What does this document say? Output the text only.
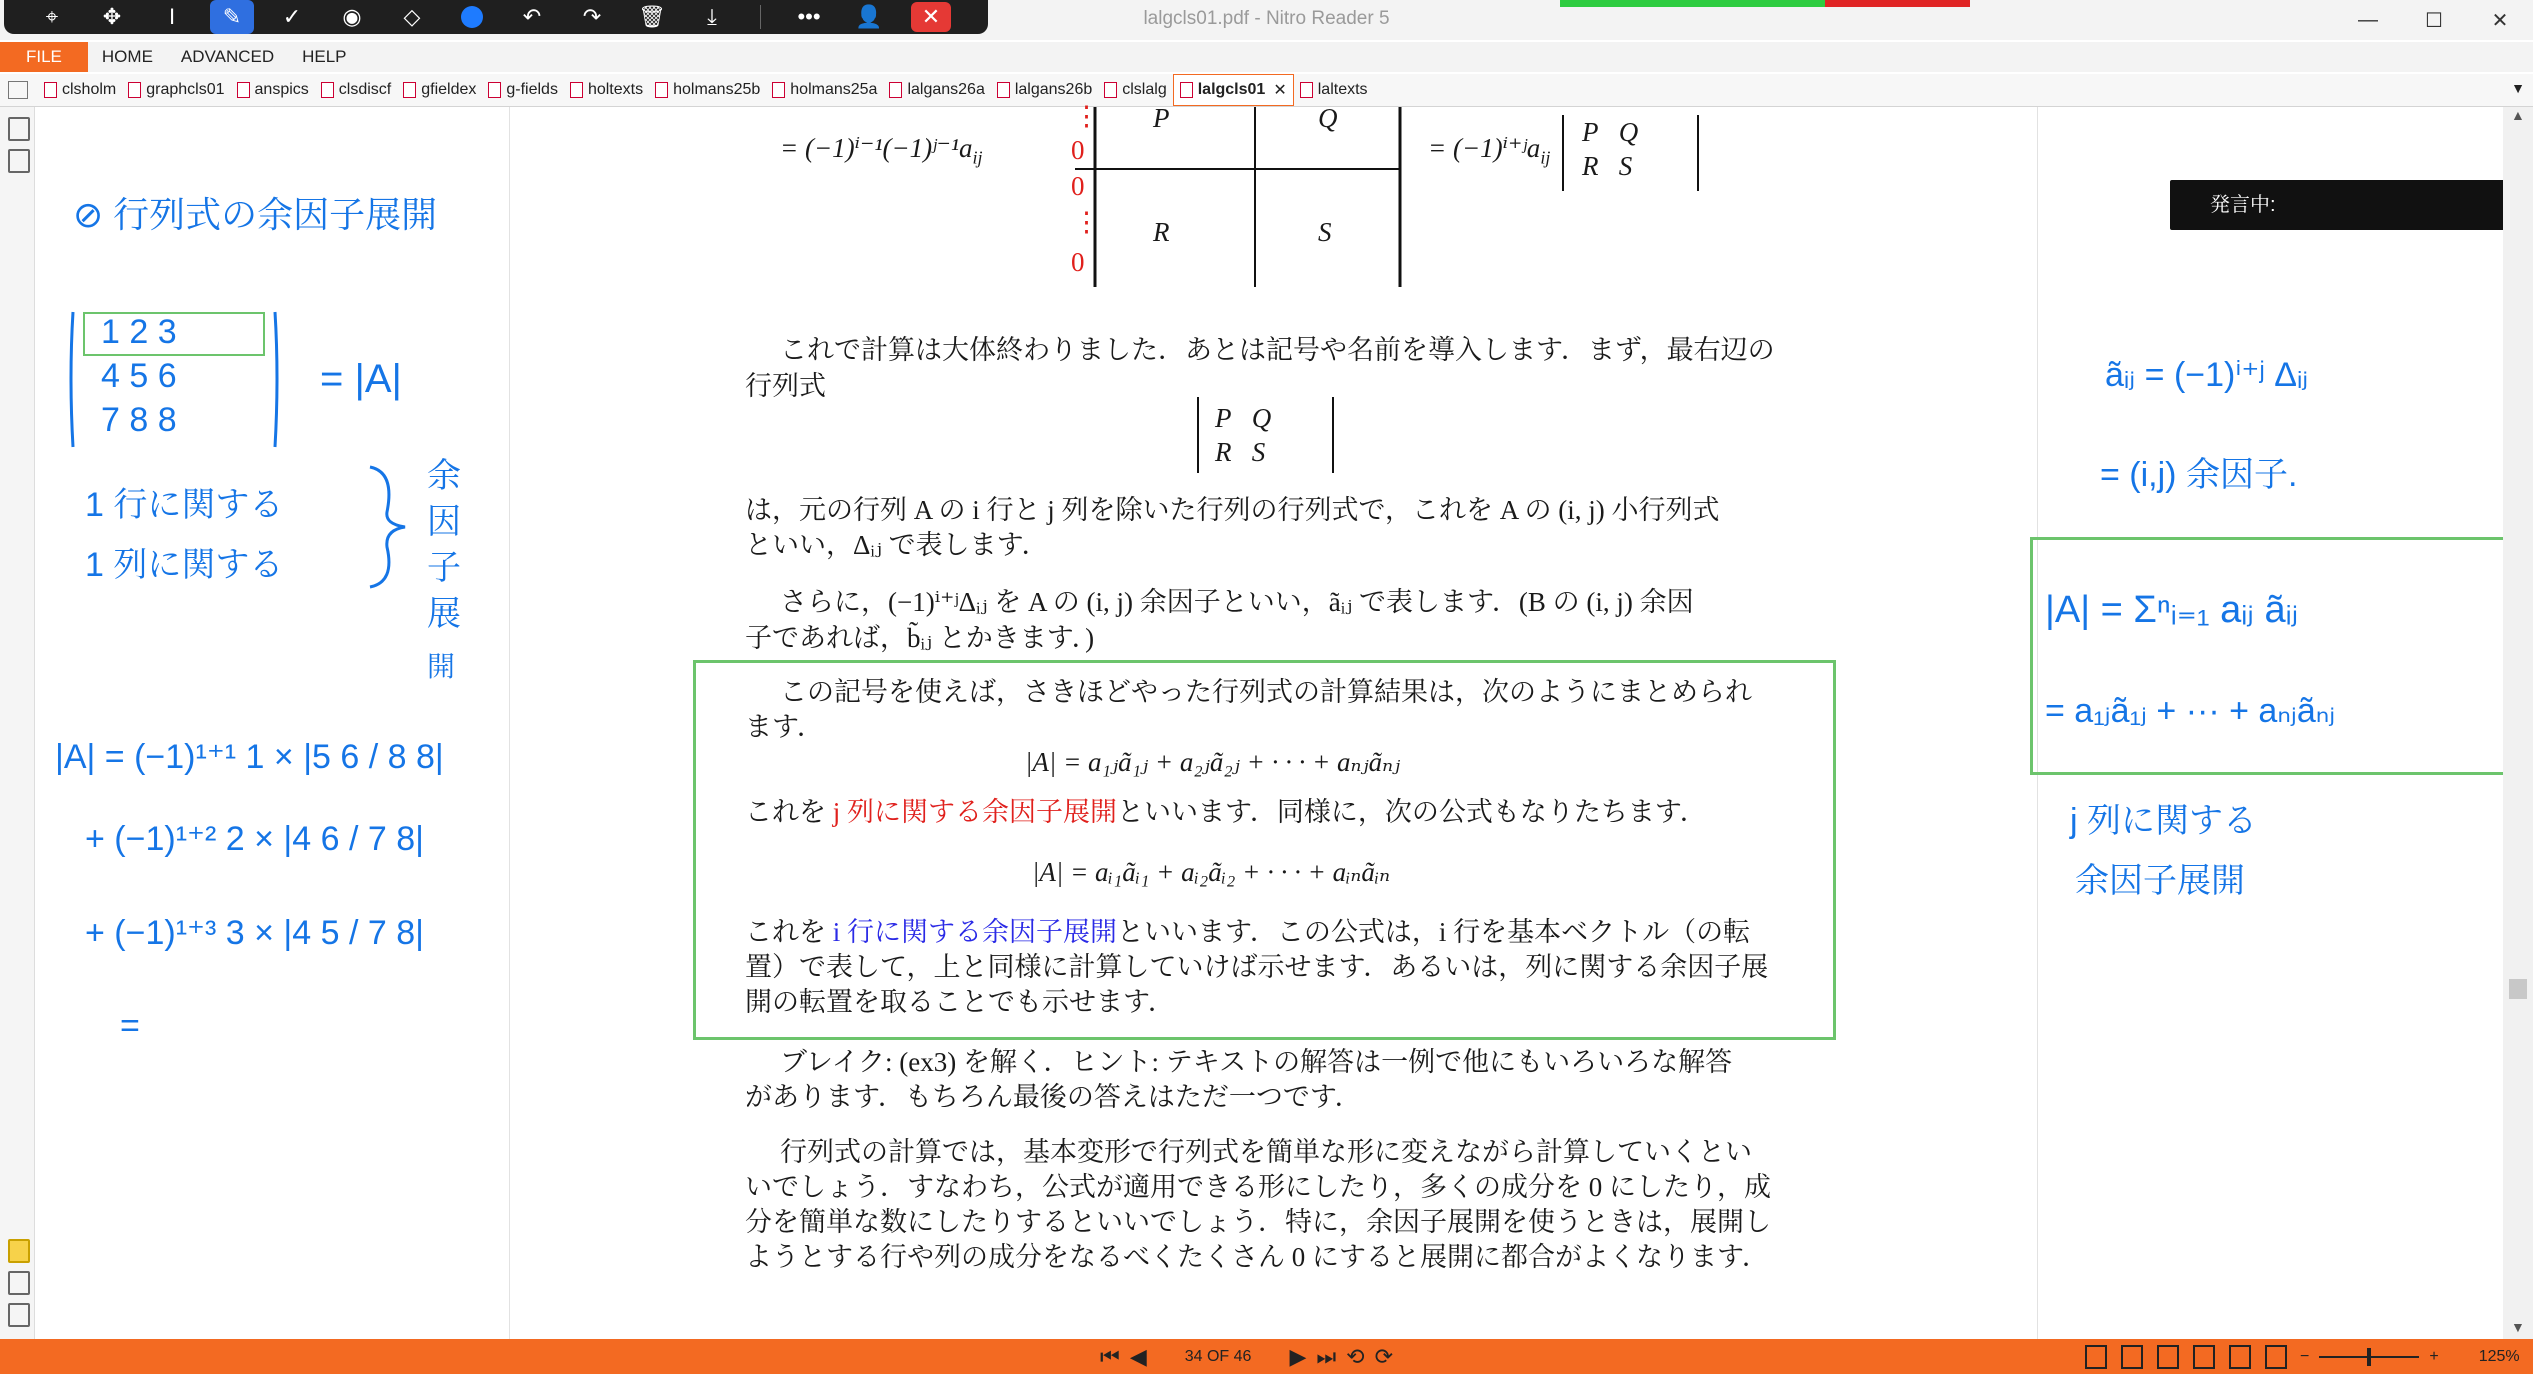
lalgcls01.pdf - Nitro Reader 5	—	☐	✕
⌖	✥	I	✎	✓	◉	◇	↶	↷	🗑	⤓	•••	👤	✕
FILE	HOME	ADVANCED	HELP
clsholm graphcls01 anspics clsdiscf gfieldex g-fields holtexts holmans25b holmans25a lalgans26a lalgans26b clslalg lalgcls01 ✕ laltexts	▼
= $(-1)^{i-1}(-1)ʲ^{-1}a_{ij}$
P	Q
R	S
⋮
0
0
⋮
0
= (−1)ⁱ⁺ʲa$_{ij}$
P Q
R S
これで計算は大体終わりました．あとは記号や名前を導入します．まず，最右辺の
行列式
P Q
R S
は，元の行列 A の i 行と j 列を除いた行列の行列式で，これを A の (i, j) 小行列式
といい，Δᵢⱼ で表します．
さらに，(−1)ⁱ⁺ʲΔᵢⱼ を A の (i, j) 余因子といい，ãᵢⱼ で表します．(B の (i, j) 余因
子であれば，b̃ᵢⱼ とかきます．)
この記号を使えば，さきほどやった行列式の計算結果は，次のようにまとめられ
ます．
|A| = a₁ⱼã₁ⱼ + a₂ⱼã₂ⱼ + · · · + aₙⱼãₙⱼ
これを j 列に関する余因子展開といいます．同様に，次の公式もなりたちます．
|A| = aᵢ₁ãᵢ₁ + aᵢ₂ãᵢ₂ + · · · + aᵢₙãᵢₙ
これを i 行に関する余因子展開といいます．この公式は，i 行を基本ベクトル（の転
置）で表して，上と同様に計算していけば示せます．あるいは，列に関する余因子展
開の転置を取ることでも示せます．
ブレイク: (ex3) を解く．ヒント: テキストの解答は一例で他にもいろいろな解答
があります．もちろん最後の答えはただ一つです．
行列式の計算では，基本変形で行列式を簡単な形に変えながら計算していくとい
いでしょう．すなわち，公式が適用できる形にしたり，多くの成分を 0 にしたり，成
分を簡単な数にしたりするといいでしょう．特に，余因子展開を使うときは，展開し
ようとする行や列の成分をなるべくたくさん 0 にすると展開に都合がよくなります．
⊘ 行列式の余因子展開
1 2 3
4 5 6
7 8 8
= |A|
1 行に関する
1 列に関する
余
因
子
展
開
|A| = (−1)¹⁺¹ 1 × |5 6 / 8 8|
+ (−1)¹⁺² 2 × |4 6 / 7 8|
+ (−1)¹⁺³ 3 × |4 5 / 7 8|
=
ãᵢⱼ = (−1)ⁱ⁺ʲ Δᵢⱼ
= (i,j) 余因子.
|A| = Σⁿᵢ₌₁ aᵢⱼ ãᵢⱼ
= a₁ⱼã₁ⱼ + ··· + aₙⱼãₙⱼ
j 列に関する
余因子展開
発言中:
▲
▼
⏮ ◀ 34 OF 46 ▶ ⏭ ⟲ ⟳	−	+	125%
